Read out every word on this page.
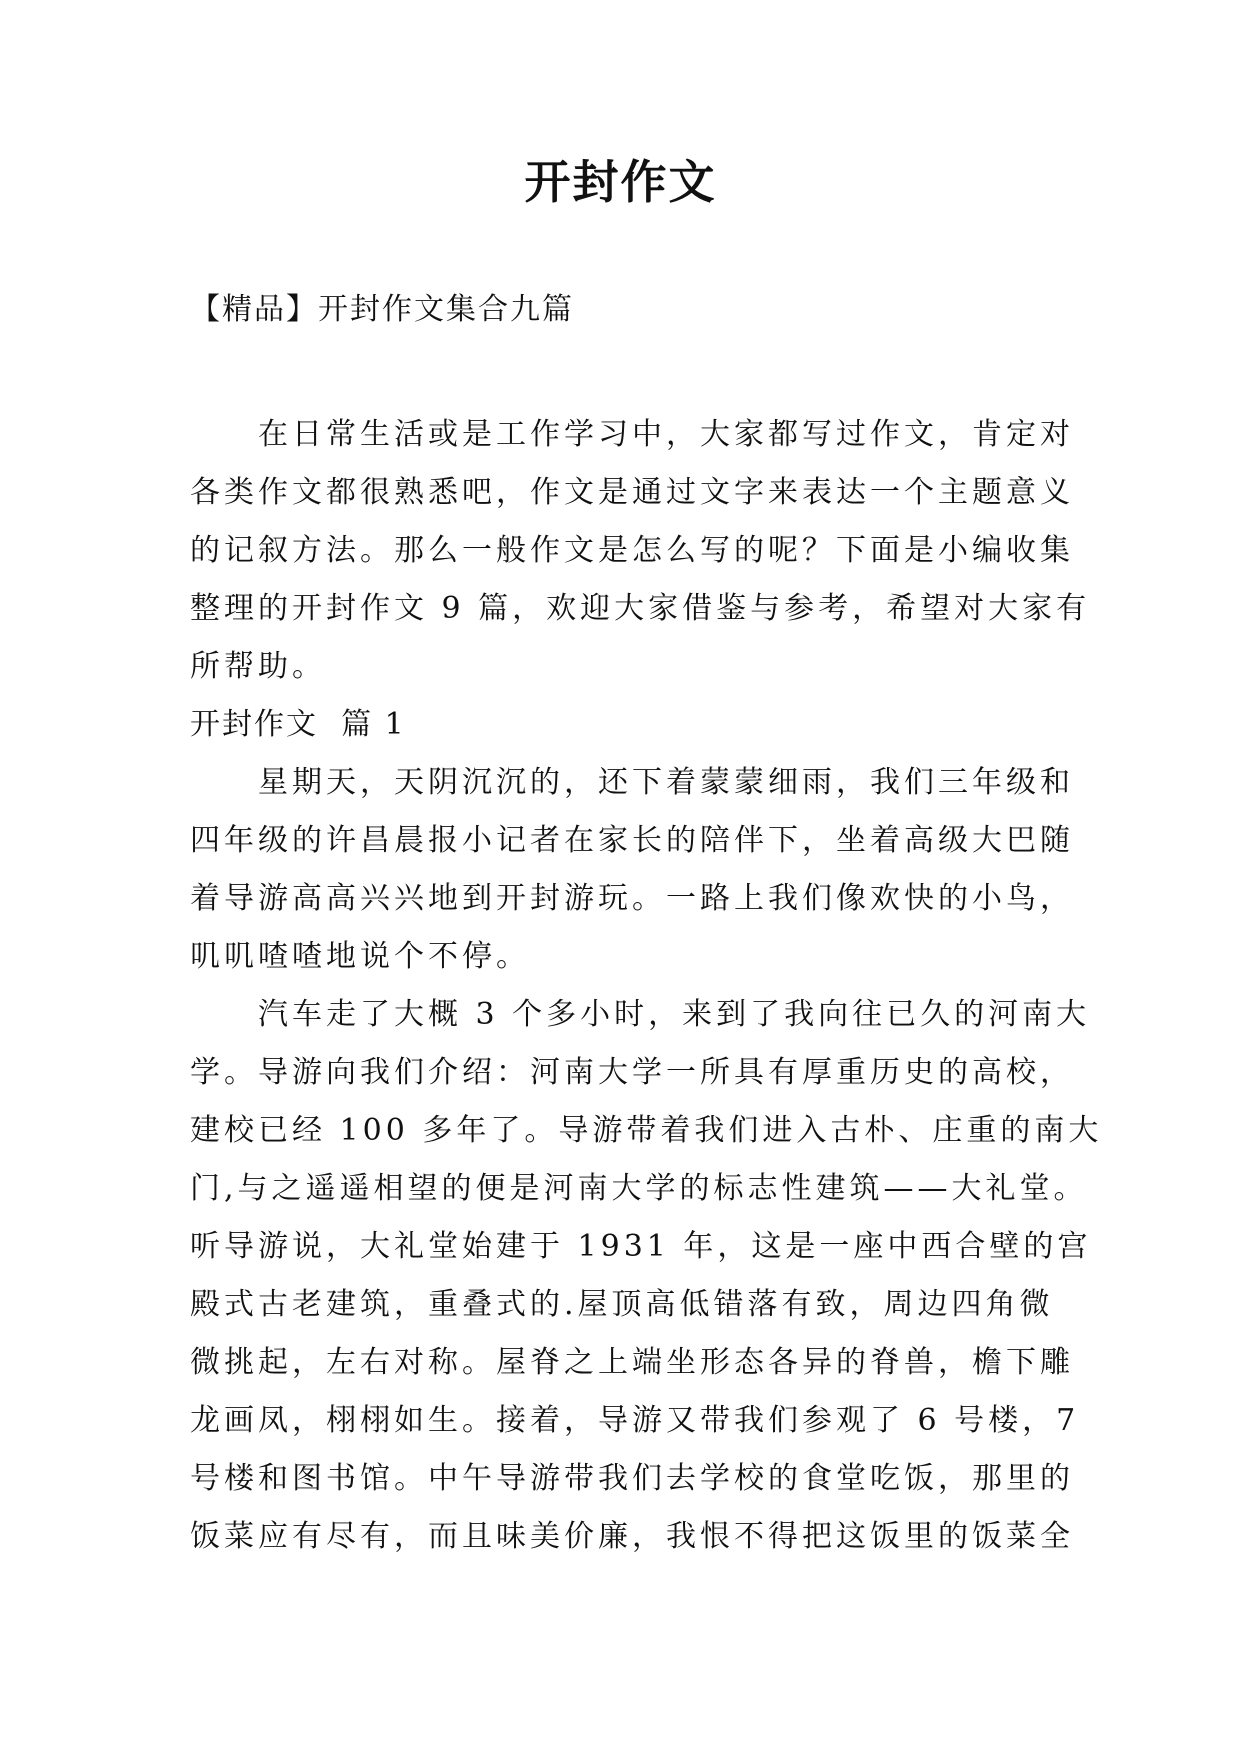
开封作文
【精品】开封作文集合九篇

在日常生活或是工作学习中，大家都写过作文，肯定对
各类作文都很熟悉吧，作文是通过文字来表达一个主题意义
的记叙方法。那么一般作文是怎么写的呢？下面是小编收集
整理的开封作文 9 篇，欢迎大家借鉴与参考，希望对大家有
所帮助。

开封作文  篇 1

星期天，天阴沉沉的，还下着蒙蒙细雨，我们三年级和
四年级的许昌晨报小记者在家长的陪伴下，坐着高级大巴随
着导游高高兴兴地到开封游玩。一路上我们像欢快的小鸟，
叽叽喳喳地说个不停。

汽车走了大概 3 个多小时，来到了我向往已久的河南大
学。导游向我们介绍：河南大学一所具有厚重历史的高校，
建校已经 100 多年了。导游带着我们进入古朴、庄重的南大
门,与之遥遥相望的便是河南大学的标志性建筑——大礼堂。
听导游说，大礼堂始建于 1931 年，这是一座中西合壁的宫
殿式古老建筑，重叠式的.屋顶高低错落有致，周边四角微
微挑起，左右对称。屋脊之上端坐形态各异的脊兽，檐下雕
龙画凤，栩栩如生。接着，导游又带我们参观了 6 号楼，7
号楼和图书馆。中午导游带我们去学校的食堂吃饭，那里的
饭菜应有尽有，而且味美价廉，我恨不得把这饭里的饭菜全
